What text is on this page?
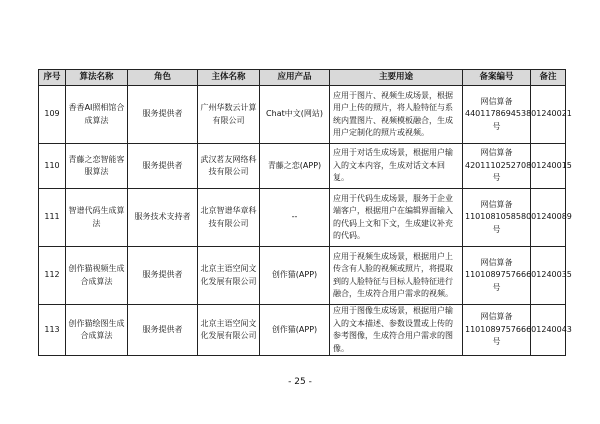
序号	算法名称	角色	主体名称	应用产品	主要用途	备案编号	备注
109	香香AI照相馆合成算法	服务提供者	广州华数云计算有限公司	Chat中文(网站)	应用于图片、视频生成场景，根据用户上传的照片，将人脸特征与系统内置图片、视频模板融合，生成用户定制化的照片或视频。	网信算备440117869453801240021号	
110	青藤之恋智能客服算法	服务提供者	武汉茗友网络科技有限公司	青藤之恋(APP)	应用于对话生成场景，根据用户输入的文本内容，生成对话文本回复。	网信算备420111025270801240015号	
111	智谱代码生成算法	服务技术支持者	北京智谱华章科技有限公司	--	应用于代码生成场景，服务于企业端客户，根据用户在编辑界面输入的代码上文和下文，生成建议补充的代码。	网信算备110108105858001240089号	
112	创作猫视频生成合成算法	服务提供者	北京主语空间文化发展有限公司	创作猫(APP)	应用于视频生成场景，根据用户上传含有人脸的视频或照片，将提取到的人脸特征与目标人脸特征进行融合，生成符合用户需求的视频。	网信算备110108975766601240035号	
113	创作猫绘图生成合成算法	服务提供者	北京主语空间文化发展有限公司	创作猫(APP)	应用于图像生成场景，根据用户输入的文本描述、参数设置或上传的参考图像，生成符合用户需求的图像。	网信算备110108975766601240043号	
- 25 -
